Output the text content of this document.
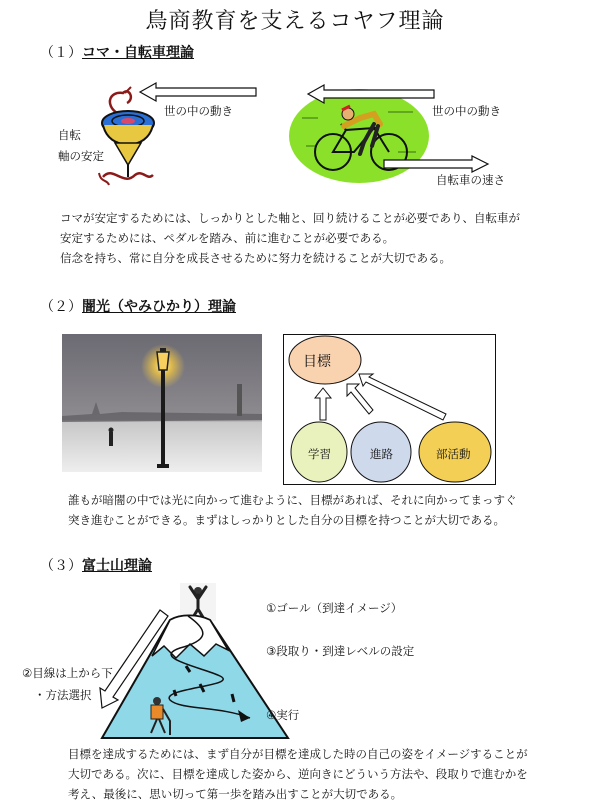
鳥商教育を支えるコヤフ理論
（１）コマ・自転車理論
世の中の動き
自転
軸の安定
世の中の動き
自転車の速さ
コマが安定するためには、しっかりとした軸と、回り続けることが必要であり、自転車が
安定するためには、ペダルを踏み、前に進むことが必要である。
信念を持ち、常に自分を成長させるために努力を続けることが大切である。
（２）闇光（やみひかり）理論
目標
学習	進路	部活動
誰もが暗闇の中では光に向かって進むように、目標があれば、それに向かってまっすぐ
突き進むことができる。まずはしっかりとした自分の目標を持つことが大切である。
（３）富士山理論
①ゴール（到達イメージ）
③段取り・到達レベルの設定
②目線は上から下
・方法選択
④実行
目標を達成するためには、まず自分が目標を達成した時の自己の姿をイメージすることが
大切である。次に、目標を達成した姿から、逆向きにどういう方法や、段取りで進むかを
考え、最後に、思い切って第一歩を踏み出すことが大切である。
